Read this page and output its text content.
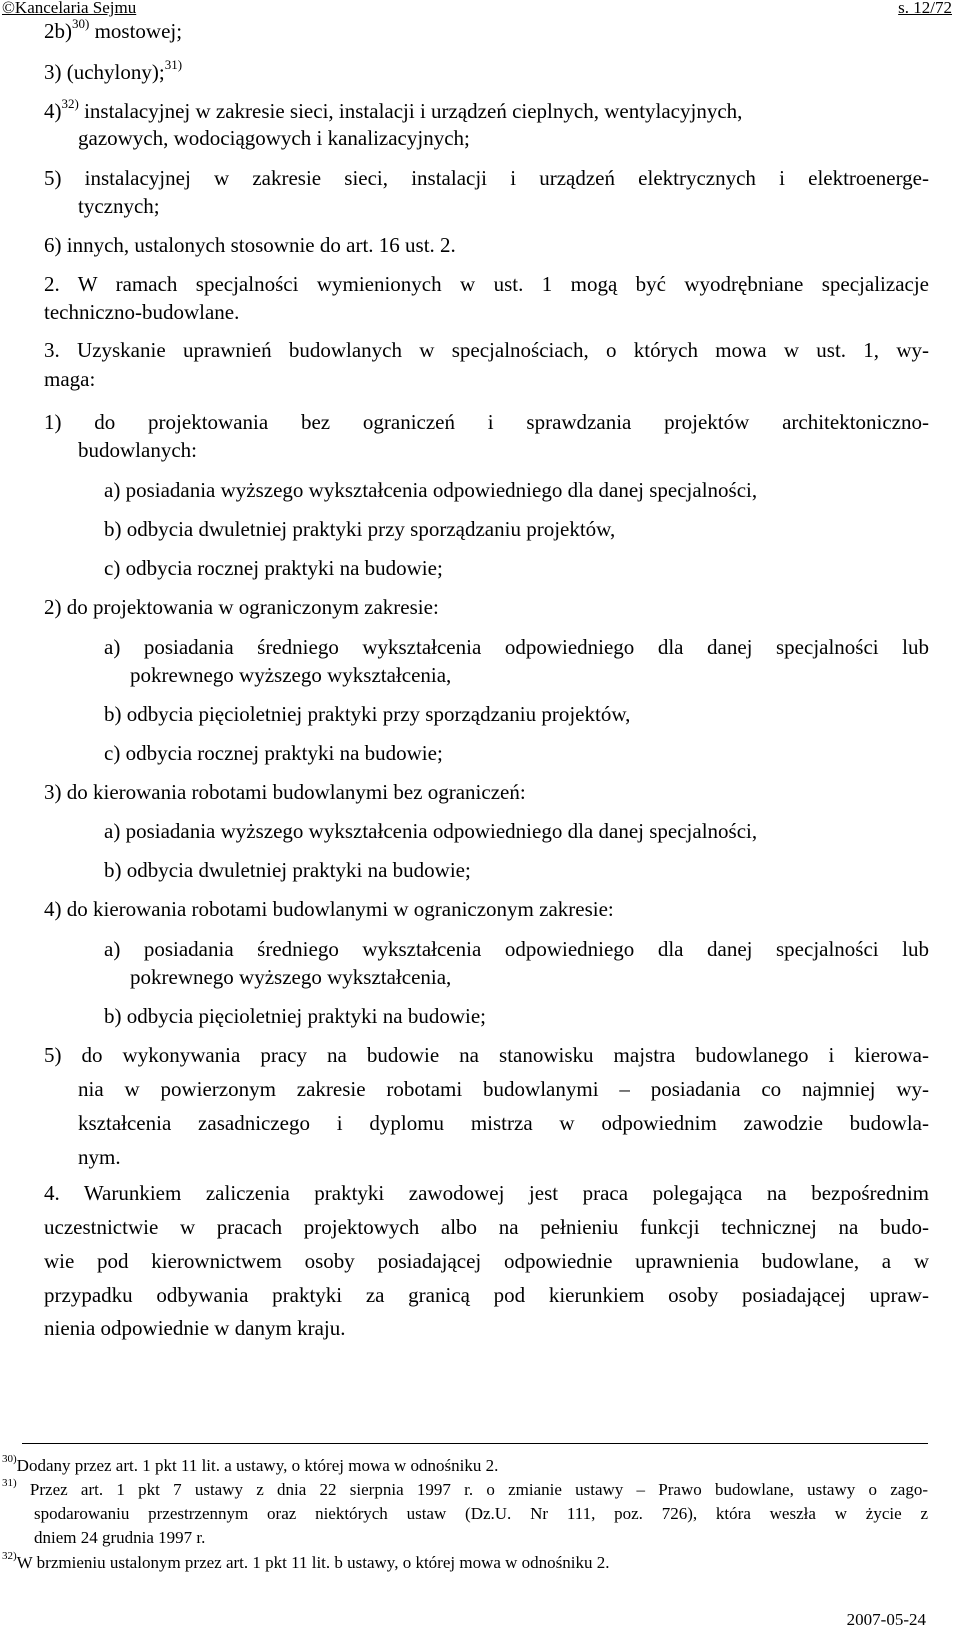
©Kancelaria Sejmu	s. 12/72
2b)$^{30)}$ mostowej;
3) (uchylony);$^{31)}$
4)$^{32)}$ instalacyjnej w zakresie sieci, instalacji i urządzeń cieplnych, wentylacyjnych,
gazowych, wodociągowych i kanalizacyjnych;
5) instalacyjnej w zakresie sieci, instalacji i urządzeń elektrycznych i elektroenerge-
tycznych;
6) innych, ustalonych stosownie do art. 16 ust. 2.
2. W ramach specjalności wymienionych w ust. 1 mogą być wyodrębniane specjalizacje
techniczno-budowlane.
3. Uzyskanie uprawnień budowlanych w specjalnościach, o których mowa w ust. 1, wy-
maga:
1) do projektowania bez ograniczeń i sprawdzania projektów architektoniczno-
budowlanych:
a) posiadania wyższego wykształcenia odpowiedniego dla danej specjalności,
b) odbycia dwuletniej praktyki przy sporządzaniu projektów,
c) odbycia rocznej praktyki na budowie;
2) do projektowania w ograniczonym zakresie:
a) posiadania średniego wykształcenia odpowiedniego dla danej specjalności lub
pokrewnego wyższego wykształcenia,
b) odbycia pięcioletniej praktyki przy sporządzaniu projektów,
c) odbycia rocznej praktyki na budowie;
3) do kierowania robotami budowlanymi bez ograniczeń:
a) posiadania wyższego wykształcenia odpowiedniego dla danej specjalności,
b) odbycia dwuletniej praktyki na budowie;
4) do kierowania robotami budowlanymi w ograniczonym zakresie:
a) posiadania średniego wykształcenia odpowiedniego dla danej specjalności lub
pokrewnego wyższego wykształcenia,
b) odbycia pięcioletniej praktyki na budowie;
5) do wykonywania pracy na budowie na stanowisku majstra budowlanego i kierowa-
nia w powierzonym zakresie robotami budowlanymi – posiadania co najmniej wy-
kształcenia zasadniczego i dyplomu mistrza w odpowiednim zawodzie budowla-
nym.
4. Warunkiem zaliczenia praktyki zawodowej jest praca polegająca na bezpośrednim
uczestnictwie w pracach projektowych albo na pełnieniu funkcji technicznej na budo-
wie pod kierownictwem osoby posiadającej odpowiednie uprawnienia budowlane, a w
przypadku odbywania praktyki za granicą pod kierunkiem osoby posiadającej upraw-
nienia odpowiednie w danym kraju.
$^{30)}$Dodany przez art. 1 pkt 11 lit. a ustawy, o której mowa w odnośniku 2.
$^{31)}$ Przez art. 1 pkt 7 ustawy z dnia 22 sierpnia 1997 r. o zmianie ustawy – Prawo budowlane, ustawy o zago-
spodarowaniu przestrzennym oraz niektórych ustaw (Dz.U. Nr 111, poz. 726), która weszła w życie z
dniem 24 grudnia 1997 r.
$^{32)}$W brzmieniu ustalonym przez art. 1 pkt 11 lit. b ustawy, o której mowa w odnośniku 2.
2007-05-24
